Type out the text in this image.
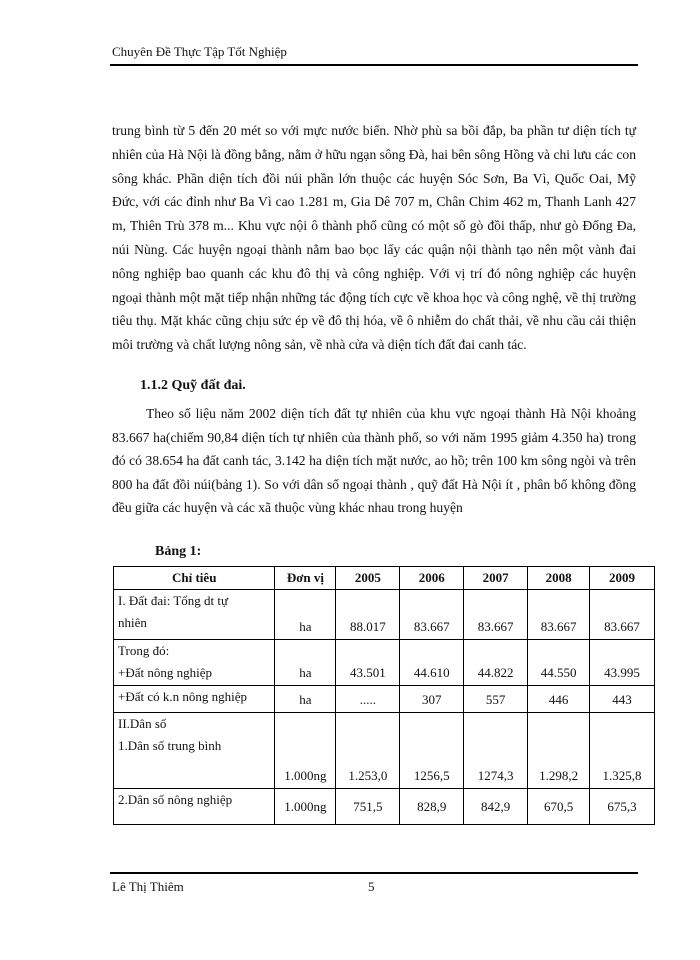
Chuyên Đề Thực Tập Tốt Nghiệp

trung bình từ 5 đến 20 mét so với mực nước biển. Nhờ phù sa bồi đắp, ba phần tư diện tích tự nhiên của Hà Nội là đồng bằng, nằm ở hữu ngạn sông Đà, hai bên sông Hồng và chi lưu các con sông khác. Phần diện tích đồi núi phần lớn thuộc các huyện Sóc Sơn, Ba Vì, Quốc Oai, Mỹ Đức, với các đỉnh như Ba Vì cao 1.281 m, Gia Dê 707 m, Chân Chim 462 m, Thanh Lanh 427 m, Thiên Trù 378 m... Khu vực nội ô thành phố cũng có một số gò đồi thấp, như gò Đống Đa, núi Nùng. Các huyện ngoại thành nằm bao bọc lấy các quận nội thành tạo nên một vành đai nông nghiệp bao quanh các khu đô thị và công nghiệp. Với vị trí đó nông nghiệp các huyện ngoại thành một mặt tiếp nhận những tác động tích cực về khoa học và công nghệ, về thị trường tiêu thụ. Mặt khác cũng chịu sức ép về đô thị hóa, về ô nhiễm do chất thải, về nhu cầu cải thiện môi trường và chất lượng nông sản, về nhà cửa và diện tích đất đai canh tác.

1.1.2 Quỹ đất đai.

Theo số liệu năm 2002 diện tích đất tự nhiên của khu vực ngoại thành Hà Nội khoảng 83.667 ha(chiếm 90,84 diện tích tự nhiên của thành phố, so với năm 1995 giảm 4.350 ha) trong đó có 38.654 ha đất canh tác, 3.142 ha diện tích mặt nước, ao hồ; trên 100 km sông ngòi và trên 800 ha đất đồi núi(bảng 1). So với dân số ngoại thành , quỹ đất Hà Nội ít , phân bố không đồng đều giữa các huyện và các xã thuộc vùng khác nhau trong huyện

Bảng 1:
Chỉ tiêu	Đơn vị	2005	2006	2007	2008	2009

I. Đất đai: Tổng dt tự
nhiên	ha	88.017	83.667	83.667	83.667	83.667

Trong đó:
+Đất nông nghiệp	ha	43.501	44.610	44.822	44.550	43.995

+Đất có k.n nông nghiệp	ha	.....	307	557	446	443

II.Dân số
1.Dân số trung bình	1.000ng	1.253,0	1256,5	1274,3	1.298,2	1.325,8

2.Dân số nông nghiệp	1.000ng	751,5	828,9	842,9	670,5	675,3
Lê Thị Thiêm	5
